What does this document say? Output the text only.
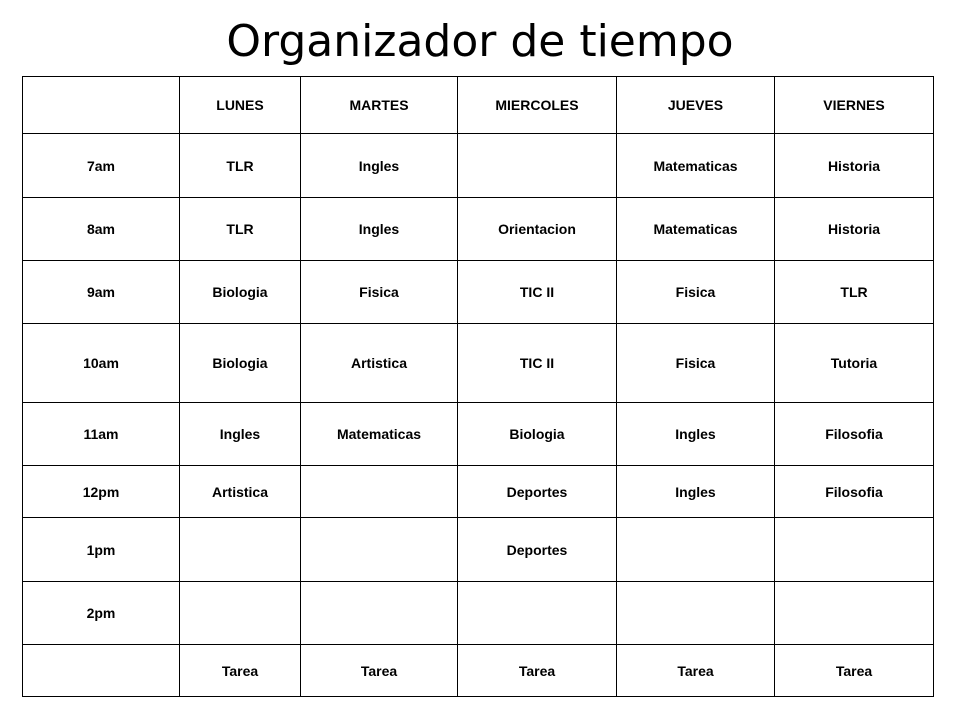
Organizador de tiempo
	LUNES	MARTES	MIERCOLES	JUEVES	VIERNES
7am	TLR	Ingles		Matematicas	Historia
8am	TLR	Ingles	Orientacion	Matematicas	Historia
9am	Biologia	Fisica	TIC II	Fisica	TLR
10am	Biologia	Artistica	TIC II	Fisica	Tutoria
11am	Ingles	Matematicas	Biologia	Ingles	Filosofia
12pm	Artistica		Deportes	Ingles	Filosofia
1pm			Deportes		
2pm					
	Tarea	Tarea	Tarea	Tarea	Tarea
